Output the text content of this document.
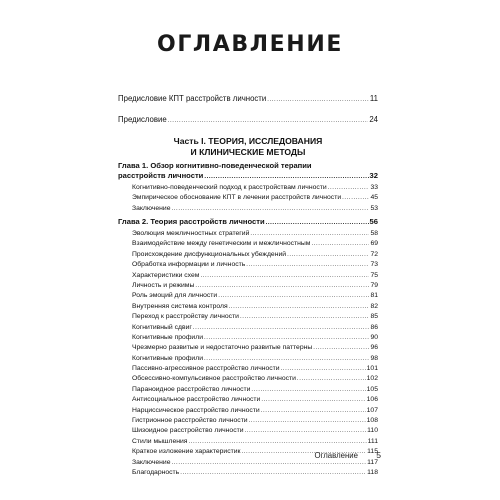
ОГЛАВЛЕНИЕ
Предисловие КПТ расстройств личности .....	11
Предисловие .....	24
Часть I. ТЕОРИЯ, ИССЛЕДОВАНИЯ
И КЛИНИЧЕСКИЕ МЕТОДЫ
Глава 1. Обзор когнитивно-поведенческой терапии
расстройств личности .....	32
Когнитивно-поведенческий подход к расстройствам личности .....	33
Эмпирическое обоснование КПТ в лечении расстройств личности .....	45
Заключение .....	53
Глава 2. Теория расстройств личности .....	56
Эволюция межличностных стратегий .....	58
Взаимодействие между генетическим и межличностным .....	69
Происхождение дисфункциональных убеждений .....	72
Обработка информации и личность .....	73
Характеристики схем .....	75
Личность и режимы .....	79
Роль эмоций для личности .....	81
Внутренняя система контроля .....	82
Переход к расстройству личности .....	85
Когнитивный сдвиг .....	86
Когнитивные профили .....	90
Чрезмерно развитые и недостаточно развитые паттерны .....	96
Когнитивные профили .....	98
Пассивно-агрессивное расстройство личности .....	101
Обсессивно-компульсивное расстройство личности .....	102
Параноидное расстройство личности .....	105
Антисоциальное расстройство личности .....	106
Нарциссическое расстройство личности .....	107
Гистрионное расстройство личности .....	108
Шизоидное расстройство личности .....	110
Стили мышления .....	111
Краткое изложение характеристик .....	115
Заключение .....	117
Благодарность .....	118
Оглавление 5
